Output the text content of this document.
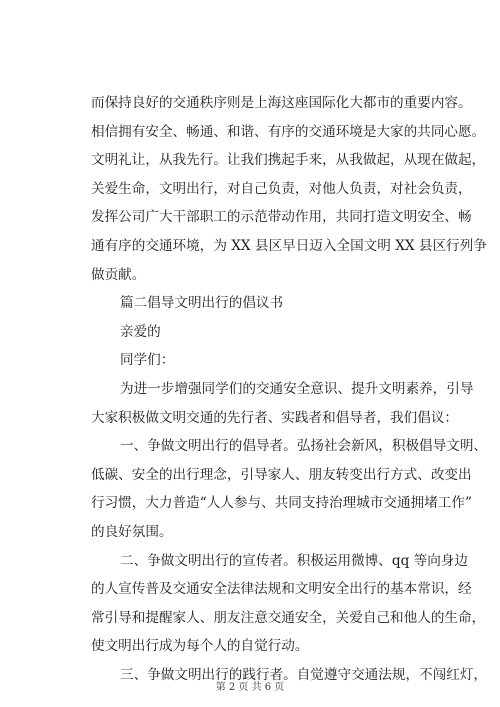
而保持良好的交通秩序则是上海这座国际化大都市的重要内容。
相信拥有安全、畅通、和谐、有序的交通环境是大家的共同心愿。
文明礼让，从我先行。让我们携起手来，从我做起，从现在做起，
关爱生命，文明出行，对自己负责，对他人负责，对社会负责，
发挥公司广大干部职工的示范带动作用，共同打造文明安全、畅
通有序的交通环境，为 XX 县区早日迈入全国文明 XX 县区行列争
做贡献。
篇二倡导文明出行的倡议书
亲爱的
同学们：
为进一步增强同学们的交通安全意识、提升文明素养，引导
大家积极做文明交通的先行者、实践者和倡导者，我们倡议：
一、争做文明出行的倡导者。弘扬社会新风，积极倡导文明、
低碳、安全的出行理念，引导家人、朋友转变出行方式、改变出
行习惯，大力普造“人人参与、共同支持治理城市交通拥堵工作”
的良好氛围。
二、争做文明出行的宣传者。积极运用微博、qq 等向身边
的人宣传普及交通安全法律法规和文明安全出行的基本常识，经
常引导和提醒家人、朋友注意交通安全，关爱自己和他人的生命，
使文明出行成为每个人的自觉行动。
三、争做文明出行的践行者。自觉遵守交通法规，不闯红灯，
第 2 页 共 6 页
